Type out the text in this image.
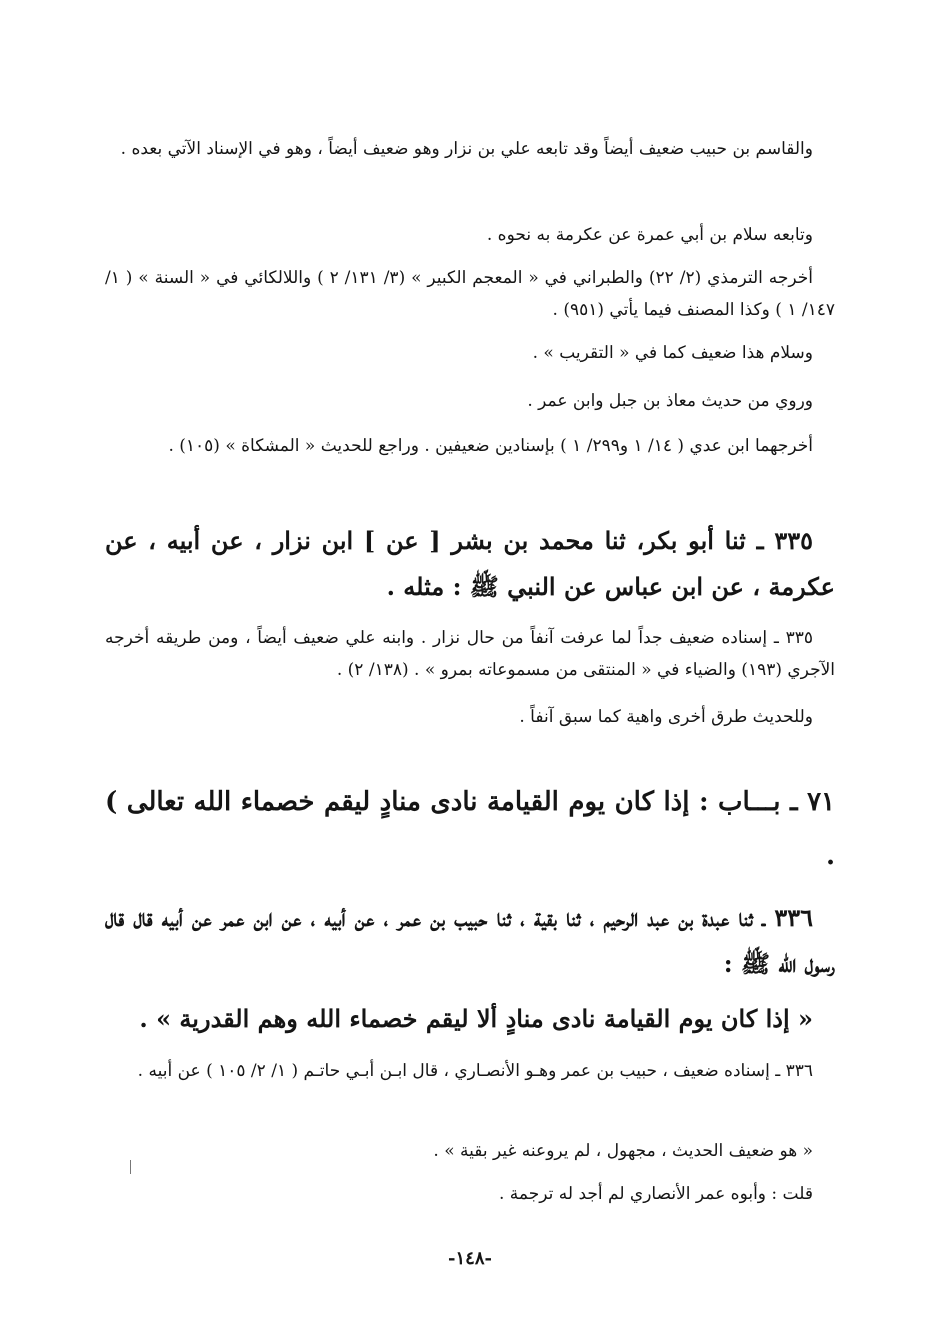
والقاسم بن حبيب ضعيف أيضاً وقد تابعه علي بن نزار وهو ضعيف أيضاً ، وهو في الإسناد الآتي بعده .

وتابعه سلام بن أبي عمرة عن عكرمة به نحوه .

أخرجه الترمذي (٢/ ٢٢) والطبراني في « المعجم الكبير » (٣/ ١٣١/ ٢ ) واللالكائي في « السنة » ( ١/ ١٤٧/ ١ ) وكذا المصنف فيما يأتي (٩٥١) .

وسلام هذا ضعيف كما في « التقريب » .

وروي من حديث معاذ بن جبل وابن عمر .

أخرجهما ابن عدي ( ١٤/ ١ و٢٩٩/ ١ ) بإسنادين ضعيفين . وراجع للحديث « المشكاة » (١٠٥) .

٣٣٥ ـ ثنا أبو بكر، ثنا محمد بن بشر [ عن ] ابن نزار ، عن أبيه ، عن عكرمة ، عن ابن عباس عن النبي ﷺ : مثله .

٣٣٥ ـ إسناده ضعيف جداً لما عرفت آنفاً من حال نزار . وابنه علي ضعيف أيضاً ، ومن طريقه أخرجه الآجري (١٩٣) والضياء في « المنتقى من مسموعاته بمرو » . (١٣٨/ ٢) .

وللحديث طرق أخرى واهية كما سبق آنفاً .

٧١ ـ بـــاب : إذا كان يوم القيامة نادى منادٍ ليقم خصماء الله تعالى ) .

٣٣٦ ـ ثنا عبدة بن عبد الرحيم ، ثنا بقية ، ثنا حبيب بن عمر ، عن أبيه ، عن ابن عمر عن أبيه قال قال رسول الله ﷺ :

« إذا كان يوم القيامة نادى منادٍ ألا ليقم خصماء الله وهم القدرية » .

٣٣٦ ـ إسناده ضعيف ، حبيب بن عمر وهـو الأنصـاري ، قال ابـن أبـي حاتـم ( ١/ ٢/ ١٠٥ ) عن أبيه .

« هو ضعيف الحديث ، مجهول ، لم يروعنه غير بقية » .

قلت : وأبوه عمر الأنصاري لم أجد له ترجمة .

-١٤٨-
